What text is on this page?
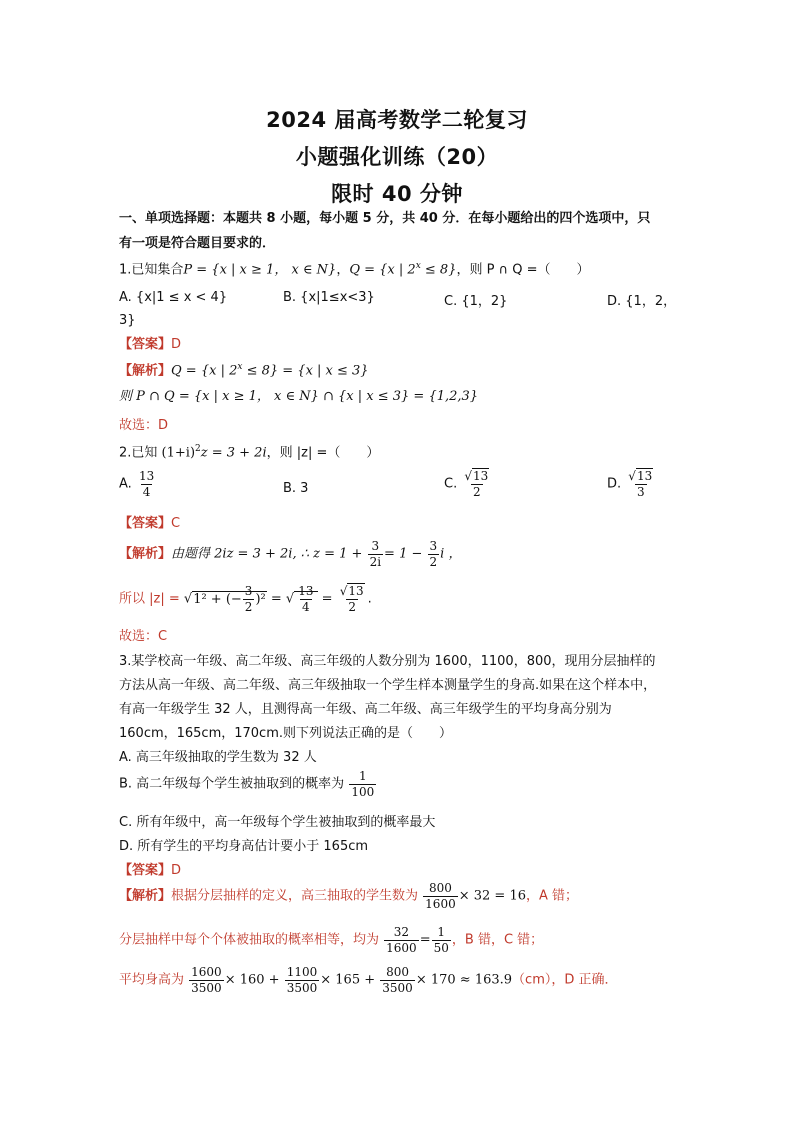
2024 届高考数学二轮复习
小题强化训练（20）
限时 40 分钟
一、单项选择题：本题共 8 小题，每小题 5 分，共 40 分．在每小题给出的四个选项中，只
有一项是符合题目要求的．
1.已知集合P = {x | x ≥ 1， x ∈ N}，Q = {x | $2^x \le 8$}，则 P ∩ Q =（　　）
A. {x|1 ≤ x < 4}	B. {x|1≤x<3}	C. {1，2}	D. {1，2，
3}
【答案】D
【解析】Q = {x | $2^x \le 8\} = \{x$ | x ≤ 3}
则 P ∩ Q = {x | x ≥ 1， x ∈ N} ∩ {x | x ≤ 3} = {1,2,3}
故选：D
2.已知 $(1+i)^2z = 3 + 2i$，则 |z| =（　　）
A. $\frac{13}{4}$	B. 3	C. $\frac{√13}{2}$	D. $\frac{√13}{3}$
【答案】C
【解析】由题得 2iz = 3 + 2i, ∴ $z = 1 + \frac{3}{2i} = 1 - \frac{3}{2}$ i ，
所以 |z| = √1² + (− $\frac{3}{2} )^2$ = √ $\frac{13}{4} = \frac{√13}{2}$ .
故选：C
3.某学校高一年级、高二年级、高三年级的人数分别为 1600，1100，800，现用分层抽样的
方法从高一年级、高二年级、高三年级抽取一个学生样本测量学生的身高.如果在这个样本中，
有高一年级学生 32 人，且测得高一年级、高二年级、高三年级学生的平均身高分别为
160cm，165cm，170cm.则下列说法正确的是（　　）
A. 高三年级抽取的学生数为 32 人
B. 高二年级每个学生被抽取到的概率为 $\frac{1}{100}$
C. 所有年级中，高一年级每个学生被抽取到的概率最大
D. 所有学生的平均身高估计要小于 165cm
【答案】D
【解析】根据分层抽样的定义，高三抽取的学生数为 $\frac{800}{1600} \times 32 = 16$，A 错；
分层抽样中每个个体被抽取的概率相等，均为 $\frac{32}{1600} = \frac{1}{50}$ ，B 错，C 错；
平均身高为 $\frac{1600}{3500} \times 160 + \frac{1100}{3500} \times 165 + \frac{800}{3500} \times 170 \approx 163.9(cm)$，D 正确．
